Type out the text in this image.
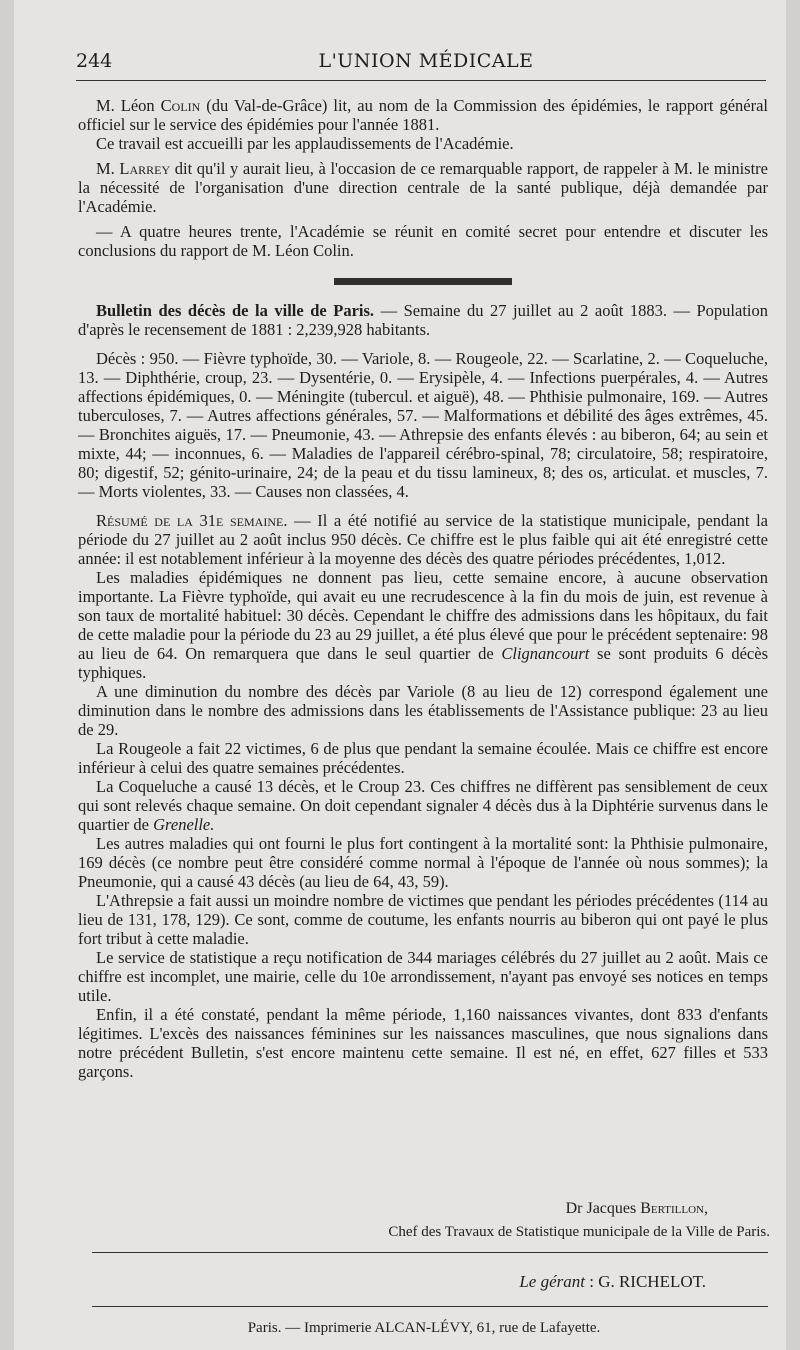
244	L'UNION MÉDICALE

M. Léon Colin (du Val-de-Grâce) lit, au nom de la Commission des épidémies, le rapport général officiel sur le service des épidémies pour l'année 1881.

Ce travail est accueilli par les applaudissements de l'Académie.

M. Larrey dit qu'il y aurait lieu, à l'occasion de ce remarquable rapport, de rappeler à M. le ministre la nécessité de l'organisation d'une direction centrale de la santé publique, déjà demandée par l'Académie.

— A quatre heures trente, l'Académie se réunit en comité secret pour entendre et discuter les conclusions du rapport de M. Léon Colin.

Bulletin des décès de la ville de Paris. — Semaine du 27 juillet au 2 août 1883. — Population d'après le recensement de 1881 : 2,239,928 habitants.

Décès : 950. — Fièvre typhoïde, 30. — Variole, 8. — Rougeole, 22. — Scarlatine, 2. — Coqueluche, 13. — Diphthérie, croup, 23. — Dysentérie, 0. — Erysipèle, 4. — Infections puerpérales, 4. — Autres affections épidémiques, 0. — Méningite (tubercul. et aiguë), 48. — Phthisie pulmonaire, 169. — Autres tuberculoses, 7. — Autres affections générales, 57. — Malformations et débilité des âges extrêmes, 45. — Bronchites aiguës, 17. — Pneumonie, 43. — Athrepsie des enfants élevés : au biberon, 64; au sein et mixte, 44; — inconnues, 6. — Maladies de l'appareil cérébro-spinal, 78; circulatoire, 58; respiratoire, 80; digestif, 52; génito-urinaire, 24; de la peau et du tissu lamineux, 8; des os, articulat. et muscles, 7. — Morts violentes, 33. — Causes non classées, 4.

Résumé de la 31e semaine. — Il a été notifié au service de la statistique municipale, pendant la période du 27 juillet au 2 août inclus 950 décès. Ce chiffre est le plus faible qui ait été enregistré cette année: il est notablement inférieur à la moyenne des décès des quatre périodes précédentes, 1,012.

Les maladies épidémiques ne donnent pas lieu, cette semaine encore, à aucune observation importante. La Fièvre typhoïde, qui avait eu une recrudescence à la fin du mois de juin, est revenue à son taux de mortalité habituel: 30 décès. Cependant le chiffre des admissions dans les hôpitaux, du fait de cette maladie pour la période du 23 au 29 juillet, a été plus élevé que pour le précédent septenaire: 98 au lieu de 64. On remarquera que dans le seul quartier de Clignancourt se sont produits 6 décès typhiques.

A une diminution du nombre des décès par Variole (8 au lieu de 12) correspond également une diminution dans le nombre des admissions dans les établissements de l'Assistance publique: 23 au lieu de 29.

La Rougeole a fait 22 victimes, 6 de plus que pendant la semaine écoulée. Mais ce chiffre est encore inférieur à celui des quatre semaines précédentes.

La Coqueluche a causé 13 décès, et le Croup 23. Ces chiffres ne diffèrent pas sensiblement de ceux qui sont relevés chaque semaine. On doit cependant signaler 4 décès dus à la Diphtérie survenus dans le quartier de Grenelle.

Les autres maladies qui ont fourni le plus fort contingent à la mortalité sont: la Phthisie pulmonaire, 169 décès (ce nombre peut être considéré comme normal à l'époque de l'année où nous sommes); la Pneumonie, qui a causé 43 décès (au lieu de 64, 43, 59).

L'Athrepsie a fait aussi un moindre nombre de victimes que pendant les périodes précédentes (114 au lieu de 131, 178, 129). Ce sont, comme de coutume, les enfants nourris au biberon qui ont payé le plus fort tribut à cette maladie.

Le service de statistique a reçu notification de 344 mariages célébrés du 27 juillet au 2 août. Mais ce chiffre est incomplet, une mairie, celle du 10e arrondissement, n'ayant pas envoyé ses notices en temps utile.

Enfin, il a été constaté, pendant la même période, 1,160 naissances vivantes, dont 833 d'enfants légitimes. L'excès des naissances féminines sur les naissances masculines, que nous signalions dans notre précédent Bulletin, s'est encore maintenu cette semaine. Il est né, en effet, 627 filles et 533 garçons.

Dr Jacques Bertillon,
Chef des Travaux de Statistique municipale de la Ville de Paris.
Le gérant : G. RICHELOT.
Paris. — Imprimerie ALCAN-LÉVY, 61, rue de Lafayette.
